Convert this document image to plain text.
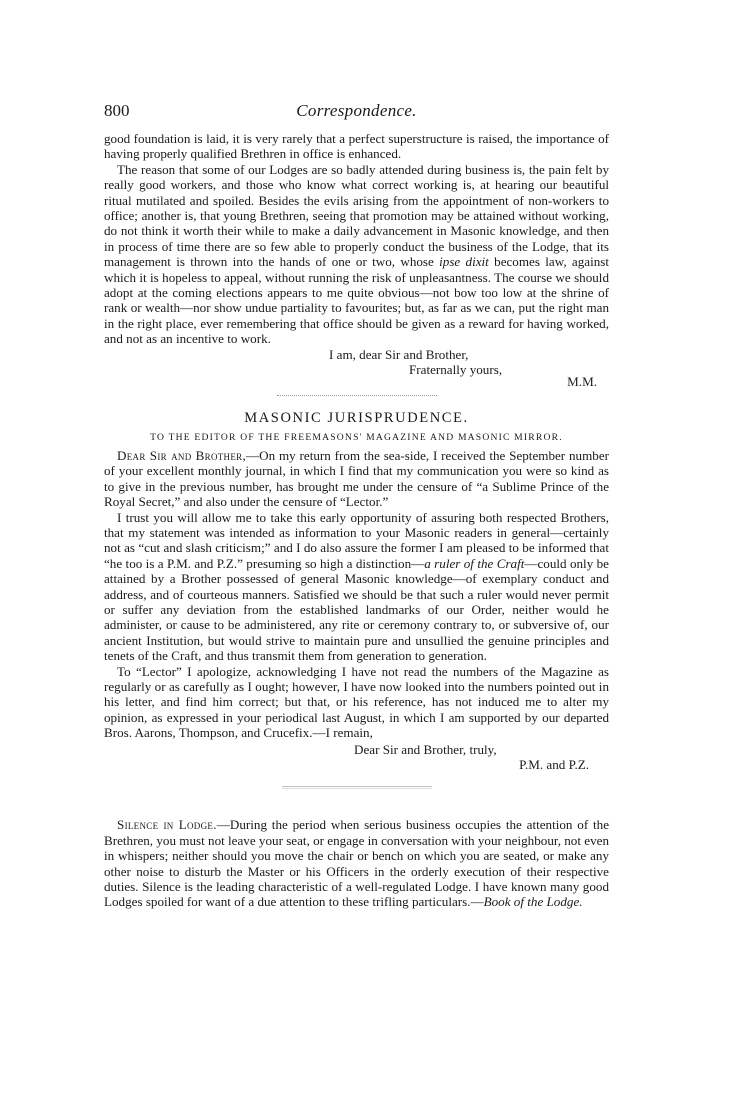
800	Correspondence.

good foundation is laid, it is very rarely that a perfect superstructure is raised, the importance of having properly qualified Brethren in office is enhanced.

The reason that some of our Lodges are so badly attended during business is, the pain felt by really good workers, and those who know what correct working is, at hearing our beautiful ritual mutilated and spoiled. Besides the evils arising from the appointment of non-workers to office; another is, that young Brethren, seeing that promotion may be attained without working, do not think it worth their while to make a daily advancement in Masonic knowledge, and then in process of time there are so few able to properly conduct the business of the Lodge, that its management is thrown into the hands of one or two, whose ipse dixit becomes law, against which it is hopeless to appeal, without running the risk of unpleasantness. The course we should adopt at the coming elections appears to me quite obvious—not bow too low at the shrine of rank or wealth—nor show undue partiality to favourites; but, as far as we can, put the right man in the right place, ever remembering that office should be given as a reward for having worked, and not as an incentive to work.

I am, dear Sir and Brother,
Fraternally yours,
M.M.
MASONIC JURISPRUDENCE.
TO THE EDITOR OF THE FREEMASONS' MAGAZINE AND MASONIC MIRROR.

Dear Sir and Brother,—On my return from the sea-side, I received the September number of your excellent monthly journal, in which I find that my communication you were so kind as to give in the previous number, has brought me under the censure of “a Sublime Prince of the Royal Secret,” and also under the censure of “Lector.”

I trust you will allow me to take this early opportunity of assuring both respected Brothers, that my statement was intended as information to your Masonic readers in general—certainly not as “cut and slash criticism;” and I do also assure the former I am pleased to be informed that “he too is a P.M. and P.Z.” presuming so high a distinction—a ruler of the Craft—could only be attained by a Brother possessed of general Masonic knowledge—of exemplary conduct and address, and of courteous manners. Satisfied we should be that such a ruler would never permit or suffer any deviation from the established landmarks of our Order, neither would he administer, or cause to be administered, any rite or ceremony contrary to, or subversive of, our ancient Institution, but would strive to maintain pure and unsullied the genuine principles and tenets of the Craft, and thus transmit them from generation to generation.

To “Lector” I apologize, acknowledging I have not read the numbers of the Magazine as regularly or as carefully as I ought; however, I have now looked into the numbers pointed out in his letter, and find him correct; but that, or his reference, has not induced me to alter my opinion, as expressed in your periodical last August, in which I am supported by our departed Bros. Aarons, Thompson, and Crucefix.—I remain,

Dear Sir and Brother, truly,
P.M. and P.Z.

Silence in Lodge.—During the period when serious business occupies the attention of the Brethren, you must not leave your seat, or engage in conversation with your neighbour, not even in whispers; neither should you move the chair or bench on which you are seated, or make any other noise to disturb the Master or his Officers in the orderly execution of their respective duties. Silence is the leading characteristic of a well-regulated Lodge. I have known many good Lodges spoiled for want of a due attention to these trifling particulars.—Book of the Lodge.
